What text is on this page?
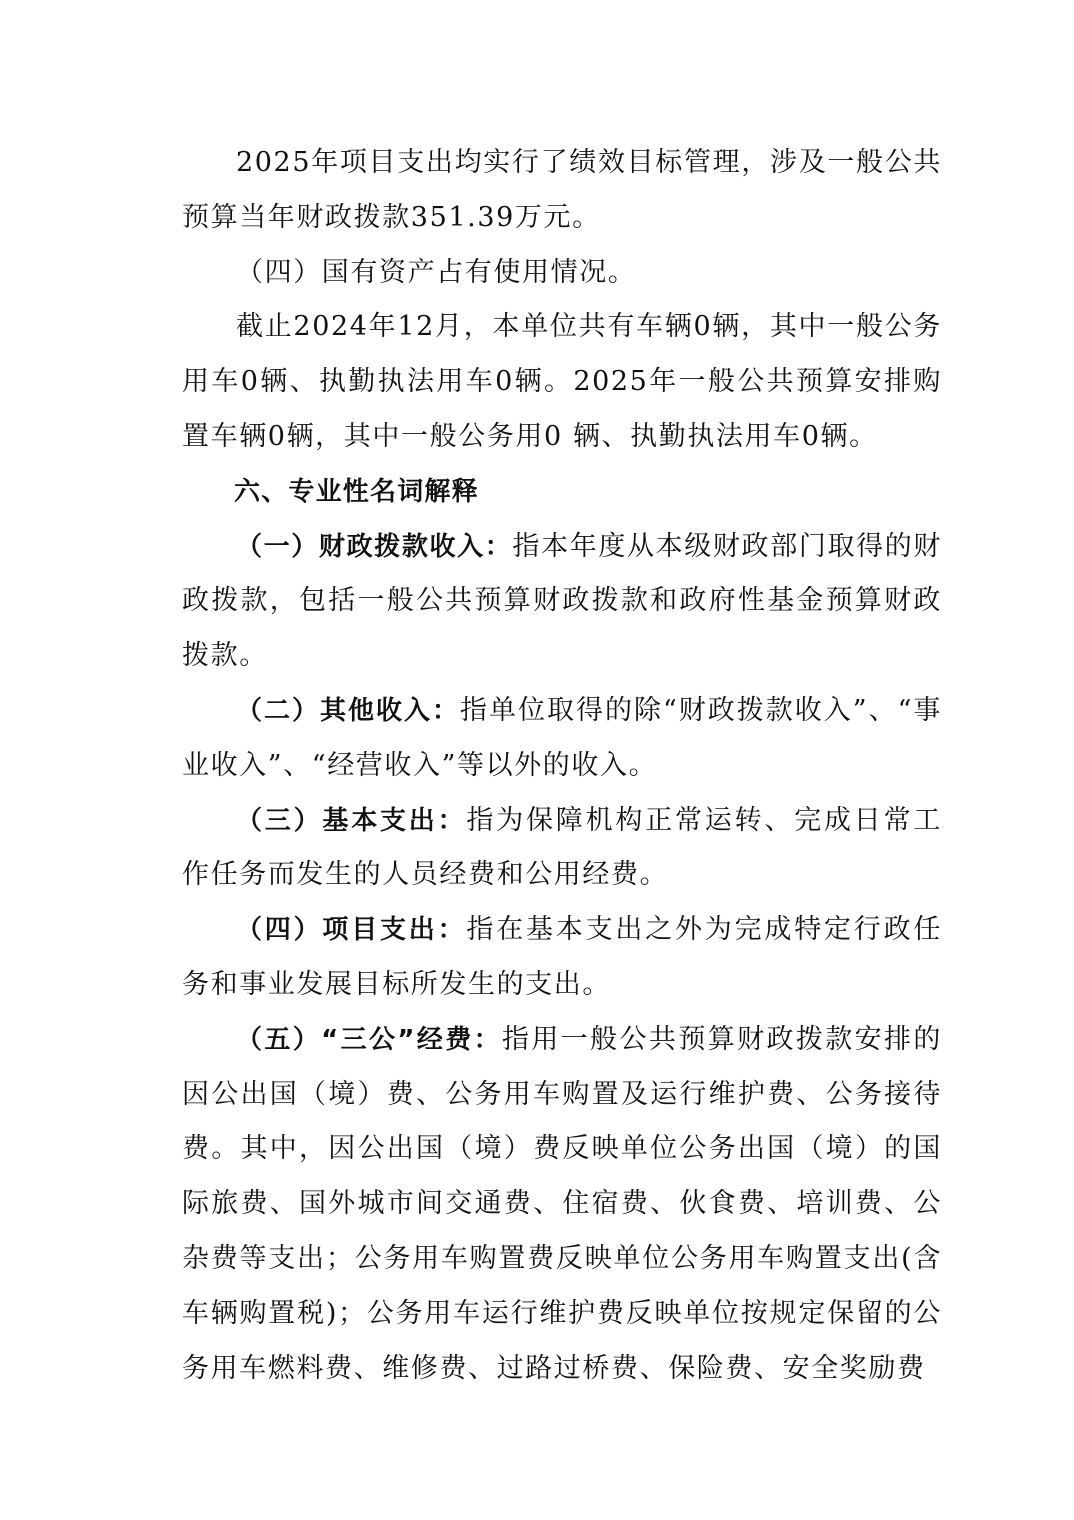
2025年项目支出均实行了绩效目标管理，涉及一般公共预算当年财政拨款351.39万元。

（四）国有资产占有使用情况。

截止2024年12月，本单位共有车辆0辆，其中一般公务用车0辆、执勤执法用车0辆。2025年一般公共预算安排购置车辆0辆，其中一般公务用0 辆、执勤执法用车0辆。

六、专业性名词解释

（一）财政拨款收入：指本年度从本级财政部门取得的财政拨款，包括一般公共预算财政拨款和政府性基金预算财政拨款。

（二）其他收入：指单位取得的除“财政拨款收入”、“事业收入”、“经营收入”等以外的收入。

（三）基本支出：指为保障机构正常运转、完成日常工作任务而发生的人员经费和公用经费。

（四）项目支出：指在基本支出之外为完成特定行政任务和事业发展目标所发生的支出。

（五）“三公”经费：指用一般公共预算财政拨款安排的因公出国（境）费、公务用车购置及运行维护费、公务接待费。其中，因公出国（境）费反映单位公务出国（境）的国际旅费、国外城市间交通费、住宿费、伙食费、培训费、公杂费等支出；公务用车购置费反映单位公务用车购置支出(含车辆购置税)；公务用车运行维护费反映单位按规定保留的公务用车燃料费、维修费、过路过桥费、保险费、安全奖励费
